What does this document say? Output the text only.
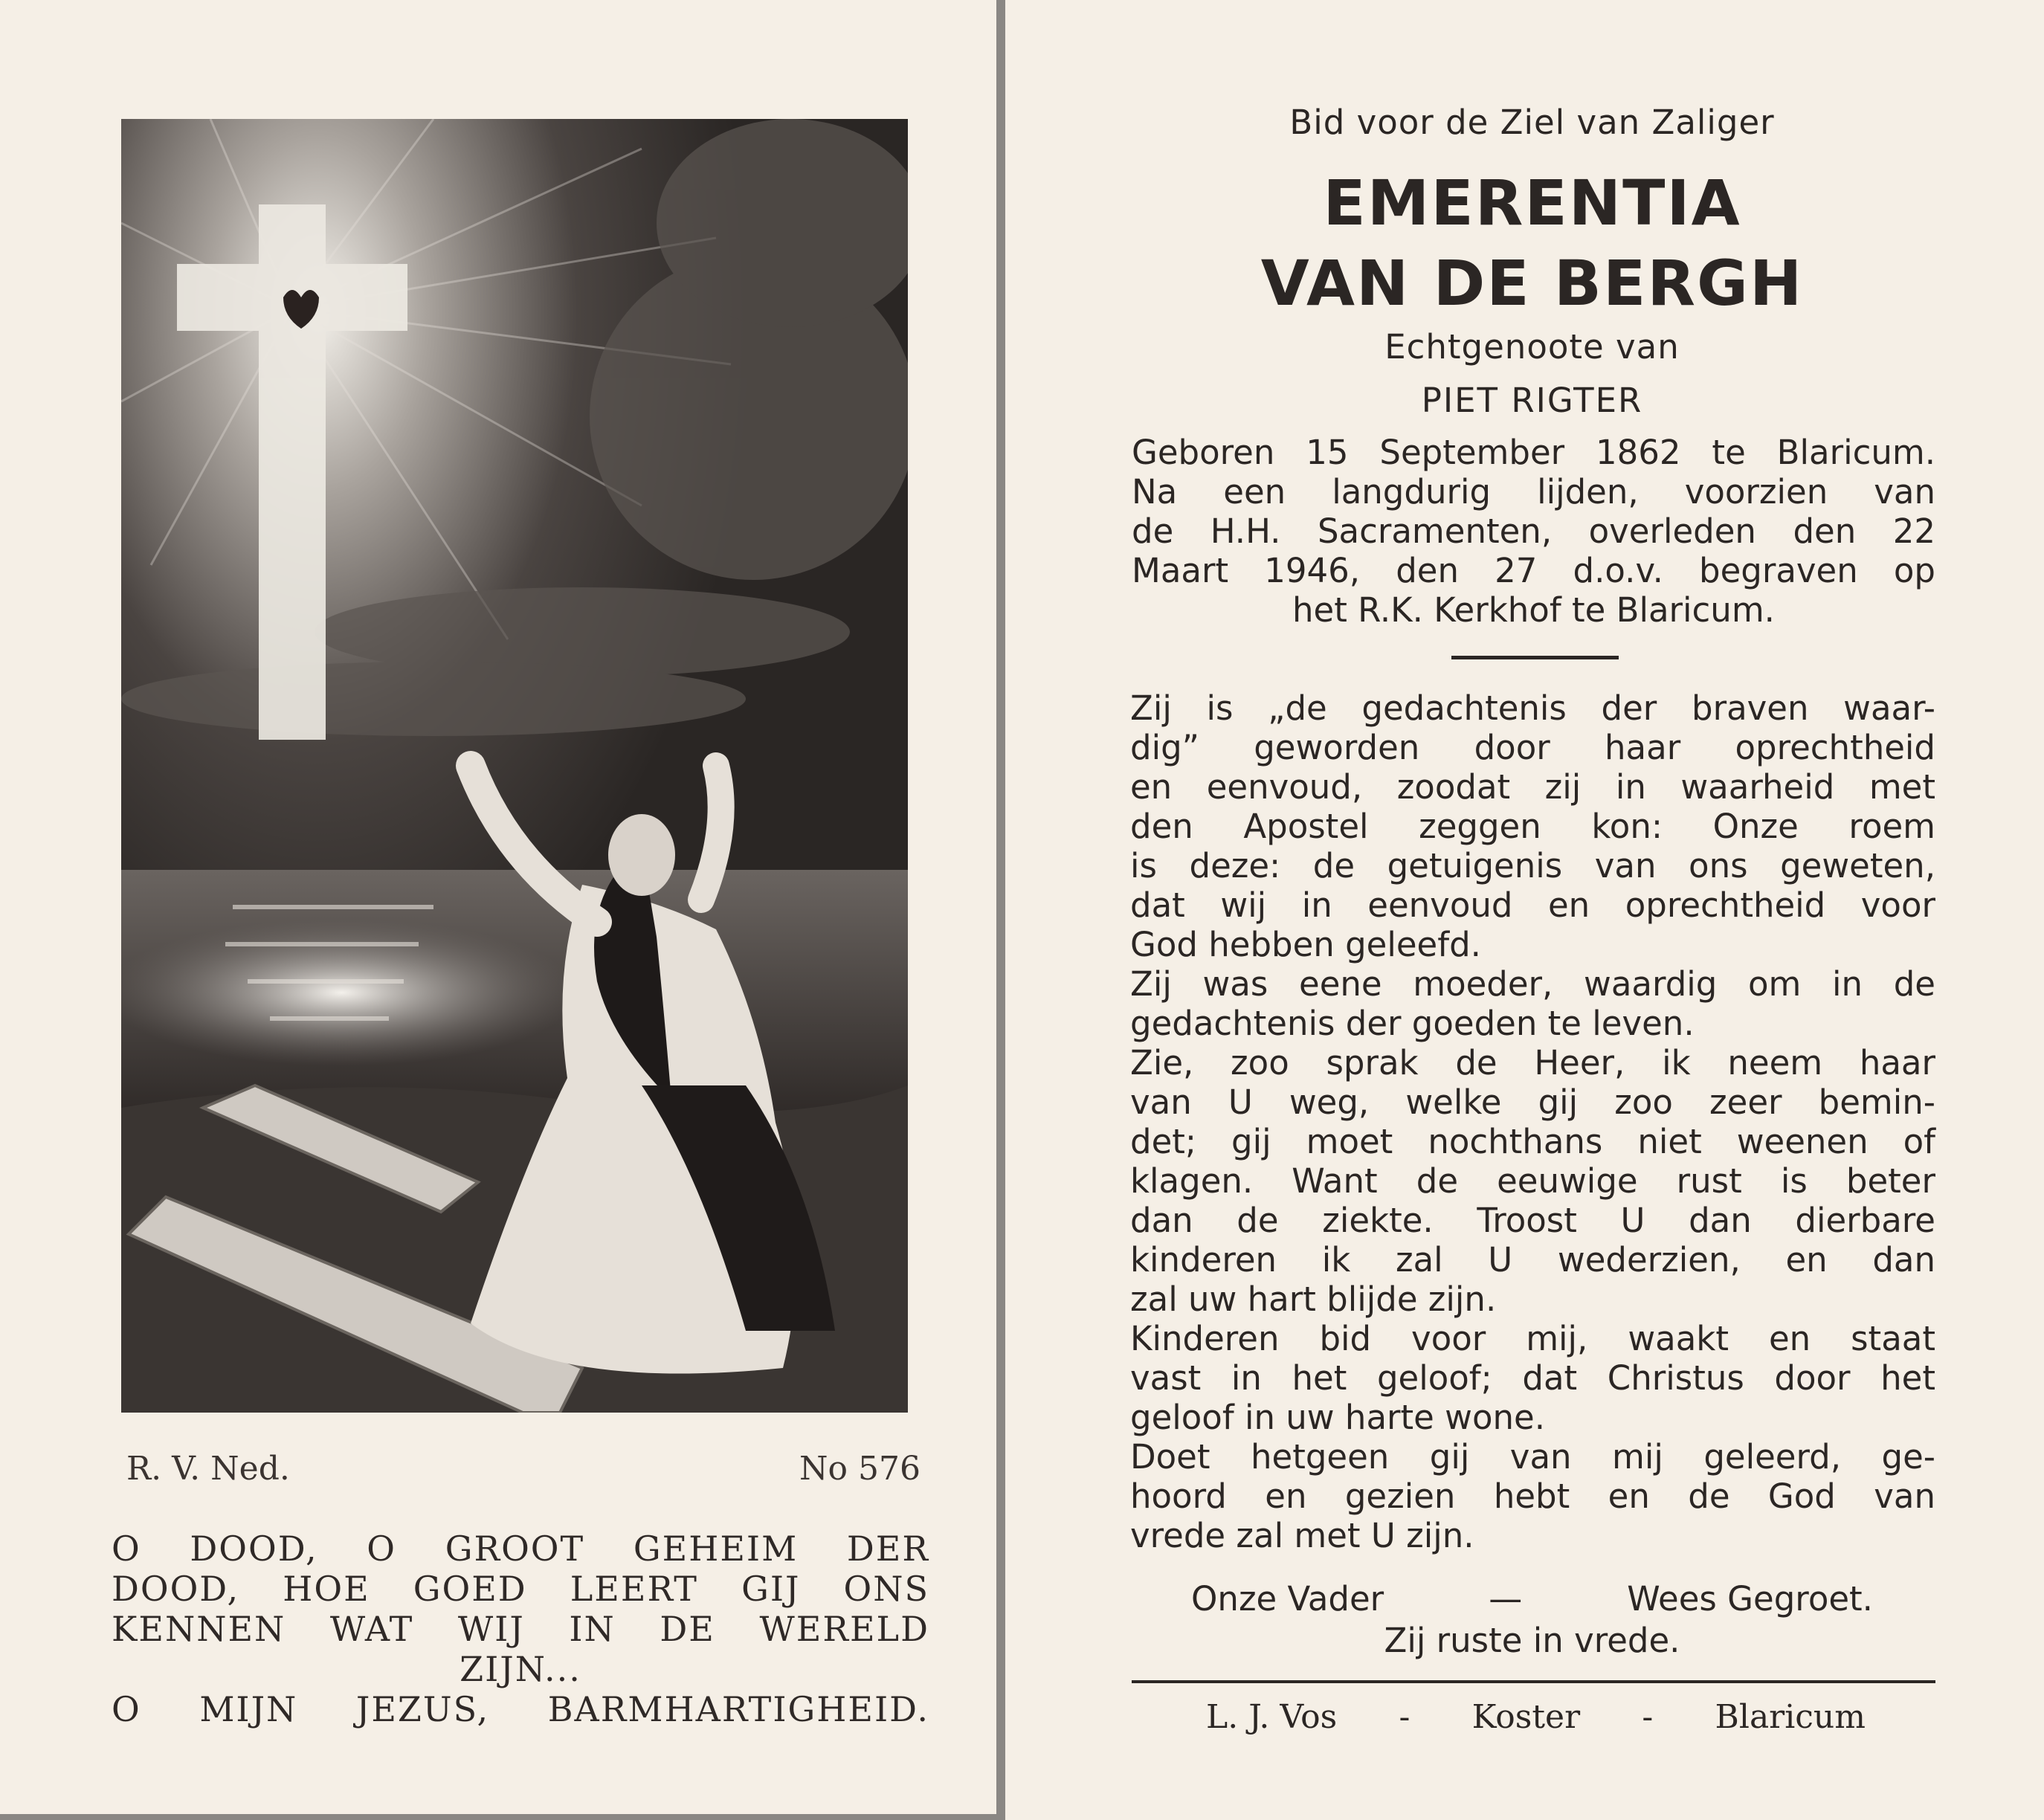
R. V. Ned.	No 576
O DOOD, O GROOT GEHEIM DER
DOOD, HOE GOED LEERT GIJ ONS
KENNEN WAT WIJ IN DE WERELD
ZIJN...
O MIJN JEZUS, BARMHARTIGHEID.
Bid voor de Ziel van Zaliger
EMERENTIA
VAN DE BERGH
Echtgenoote van
PIET RIGTER
Geboren 15 September 1862 te Blaricum.
Na een langdurig lijden, voorzien van
de H.H. Sacramenten, overleden den 22
Maart 1946, den 27 d.o.v. begraven op
het R.K. Kerkhof te Blaricum.
Zij is „de gedachtenis der braven waar-
dig” geworden door haar oprechtheid
en eenvoud, zoodat zij in waarheid met
den Apostel zeggen kon: Onze roem
is deze: de getuigenis van ons geweten,
dat wij in eenvoud en oprechtheid voor
God hebben geleefd.
Zij was eene moeder, waardig om in de
gedachtenis der goeden te leven.
Zie, zoo sprak de Heer, ik neem haar
van U weg, welke gij zoo zeer bemin-
det; gij moet nochthans niet weenen of
klagen. Want de eeuwige rust is beter
dan de ziekte. Troost U dan dierbare
kinderen ik zal U wederzien, en dan
zal uw hart blijde zijn.
Kinderen bid voor mij, waakt en staat
vast in het geloof; dat Christus door het
geloof in uw harte wone.
Doet hetgeen gij van mij geleerd, ge-
hoord en gezien hebt en de God van
vrede zal met U zijn.
Onze Vader	—	Wees Gegroet.
Zij ruste in vrede.
L. J. Vos - Koster - Blaricum
